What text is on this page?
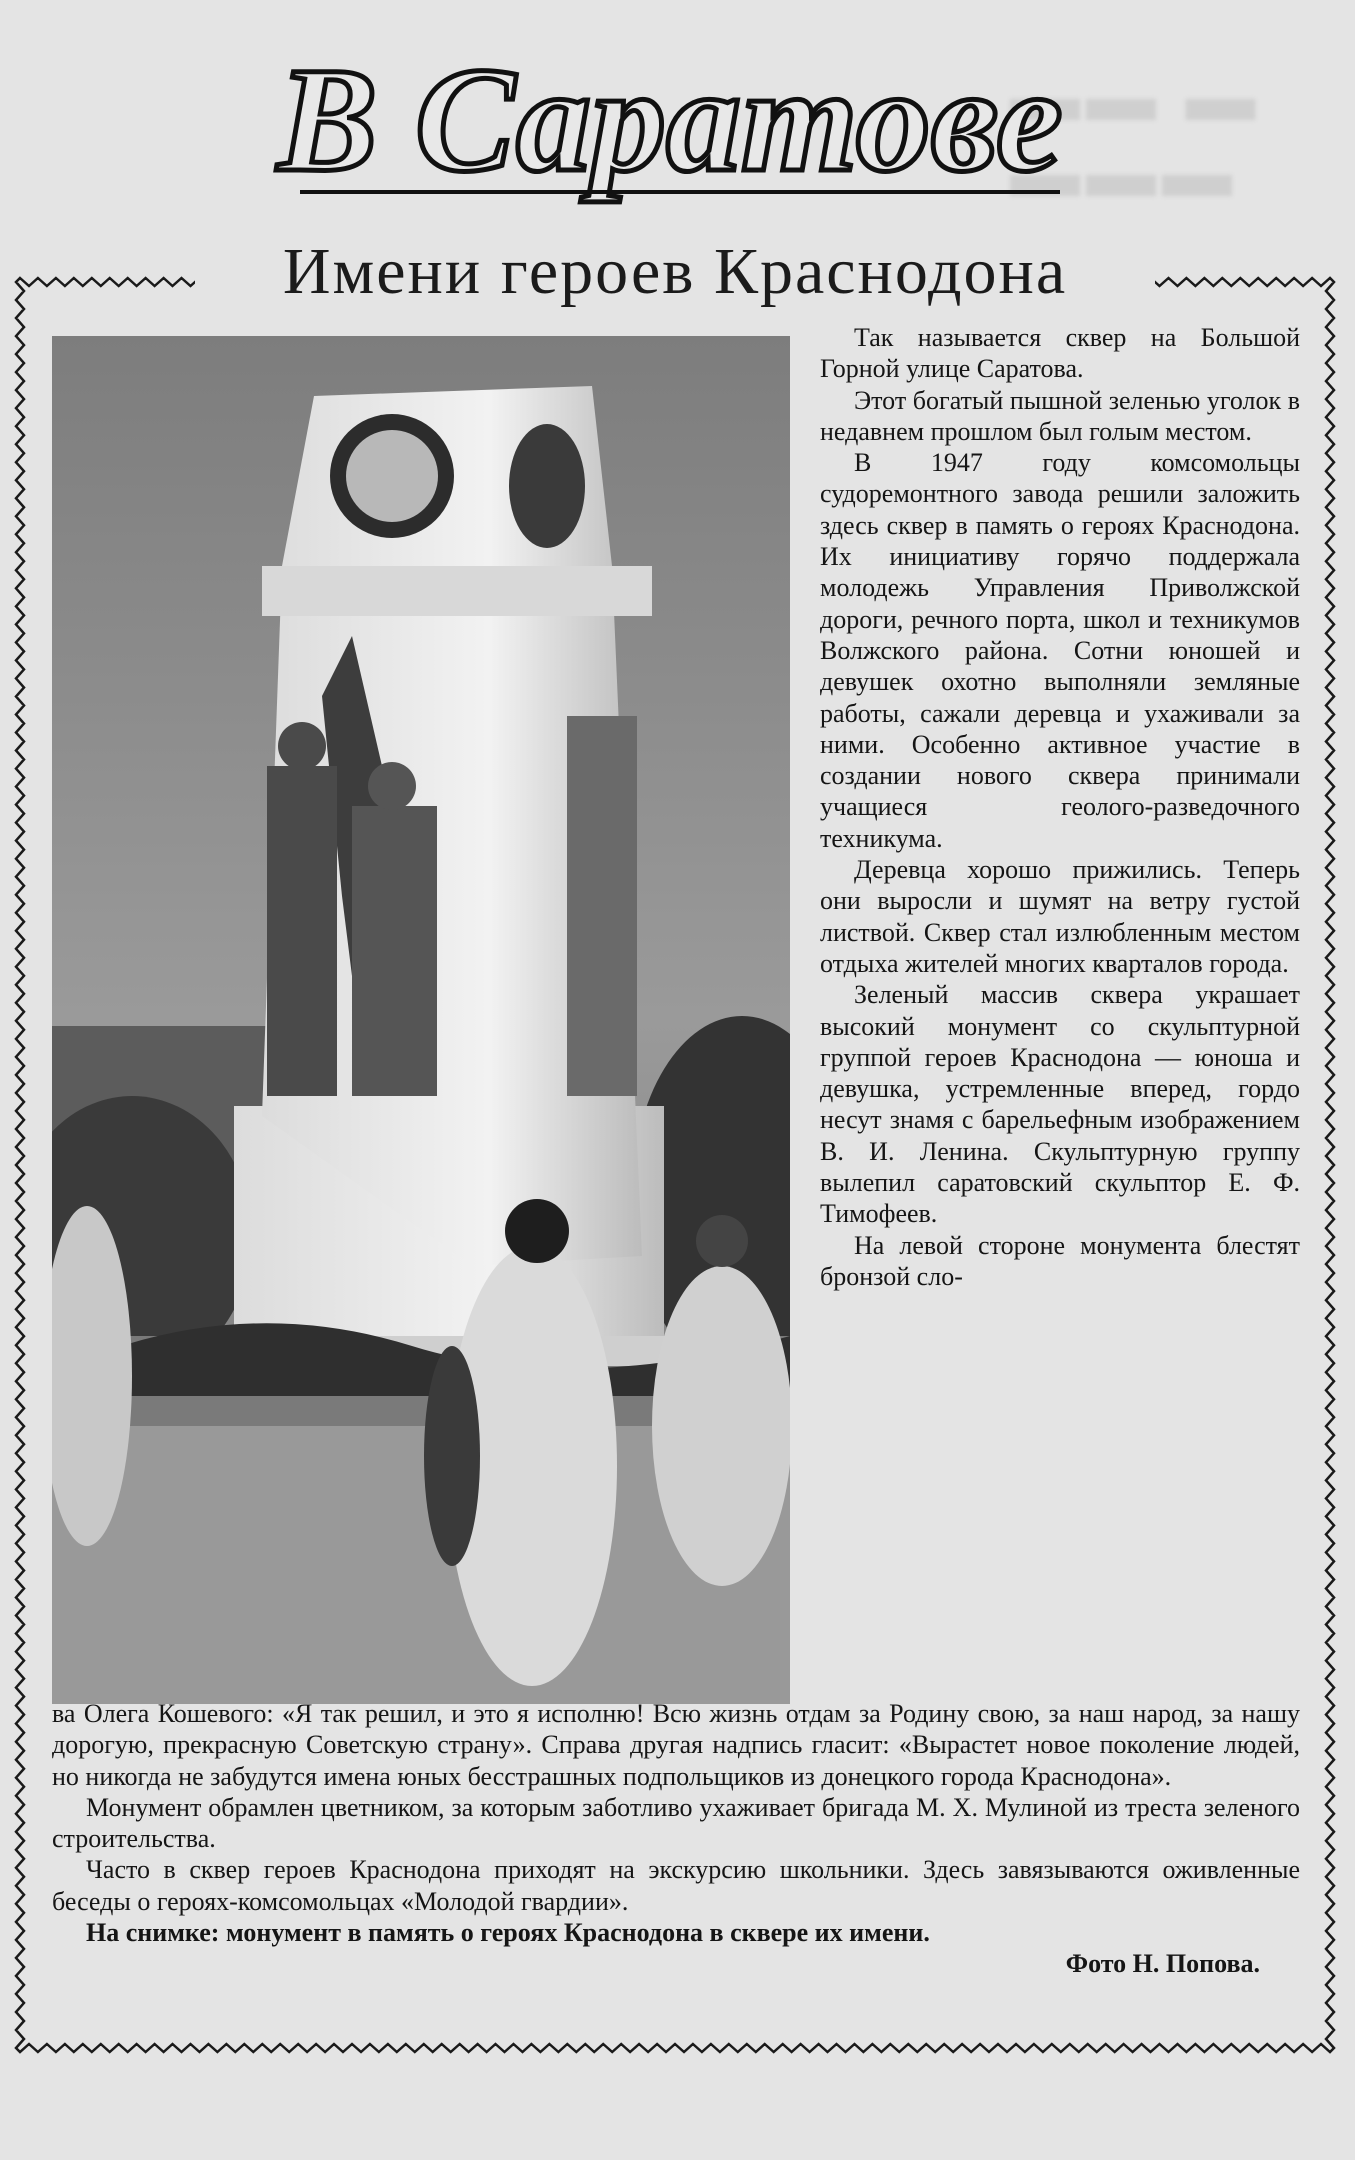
▬▬ ▬
▬▬▬
В Саратове
Имени героев Краснодона

Так называется сквер на Большой Горной улице Саратова.

Этот богатый пышной зеленью уголок в недавнем прошлом был голым местом.

В 1947 году комсомольцы судоремонтного завода решили заложить здесь сквер в память о героях Краснодона. Их инициативу горячо поддержала молодежь Управления Приволжской дороги, речного порта, школ и техникумов Волжского района. Сотни юношей и девушек охотно выполняли земляные работы, сажали деревца и ухаживали за ними. Особенно активное участие в создании нового сквера принимали учащиеся геолого-разведочного техникума.

Деревца хорошо прижились. Теперь они выросли и шумят на ветру густой листвой. Сквер стал излюбленным местом отдыха жителей многих кварталов города.

Зеленый массив сквера украшает высокий монумент со скульптурной группой героев Краснодона — юноша и девушка, устремленные вперед, гордо несут знамя с барельефным изображением В. И. Ленина. Скульптурную группу вылепил саратовский скульптор Е. Ф. Тимофеев.

На левой стороне монумента блестят бронзой сло-

ва Олега Кошевого: «Я так решил, и это я исполню! Всю жизнь отдам за Родину свою, за наш народ, за нашу дорогую, прекрасную Советскую страну». Справа другая надпись гласит: «Вырастет новое поколение людей, но никогда не забудутся имена юных бесстрашных подпольщиков из донецкого города Краснодона».

Монумент обрамлен цветником, за которым заботливо ухаживает бригада М. Х. Мулиной из треста зеленого строительства.

Часто в сквер героев Краснодона приходят на экскурсию школьники. Здесь завязываются оживленные беседы о героях-комсомольцах «Молодой гвардии».

На снимке: монумент в память о героях Краснодона в сквере их имени.

Фото Н. Попова.
